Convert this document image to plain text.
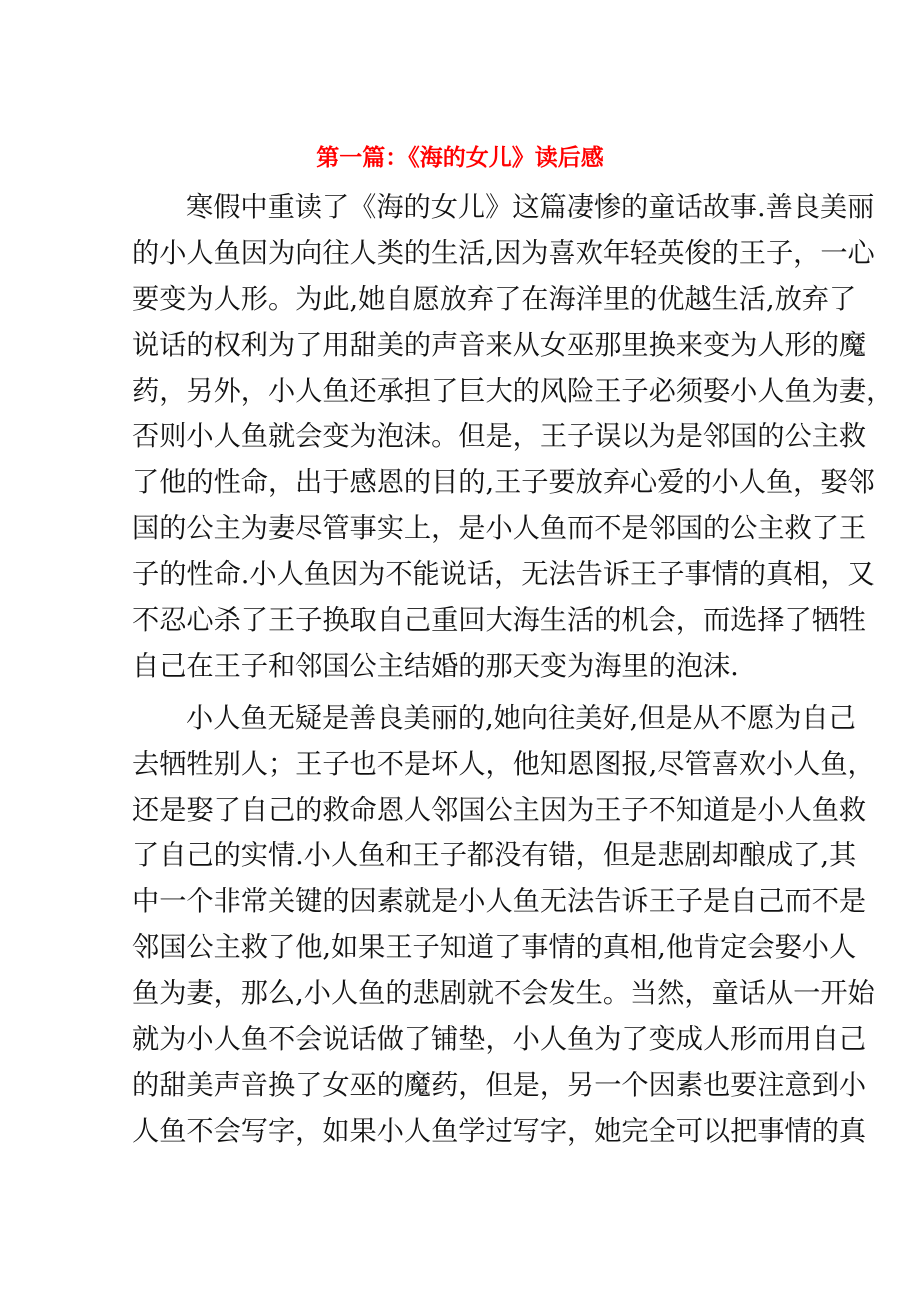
第一篇：《海的女儿》读后感
寒假中重读了《海的女儿》这篇凄惨的童话故事.善良美丽
的小人鱼因为向往人类的生活,因为喜欢年轻英俊的王子，一心
要变为人形。为此,她自愿放弃了在海洋里的优越生活,放弃了
说话的权利为了用甜美的声音来从女巫那里换来变为人形的魔
药，另外，小人鱼还承担了巨大的风险王子必须娶小人鱼为妻，
否则小人鱼就会变为泡沫。但是，王子误以为是邻国的公主救
了他的性命，出于感恩的目的,王子要放弃心爱的小人鱼，娶邻
国的公主为妻尽管事实上，是小人鱼而不是邻国的公主救了王
子的性命.小人鱼因为不能说话，无法告诉王子事情的真相，又
不忍心杀了王子换取自己重回大海生活的机会，而选择了牺牲
自己在王子和邻国公主结婚的那天变为海里的泡沫.
小人鱼无疑是善良美丽的,她向往美好,但是从不愿为自己
去牺牲别人；王子也不是坏人，他知恩图报,尽管喜欢小人鱼，
还是娶了自己的救命恩人邻国公主因为王子不知道是小人鱼救
了自己的实情.小人鱼和王子都没有错，但是悲剧却酿成了,其
中一个非常关键的因素就是小人鱼无法告诉王子是自己而不是
邻国公主救了他,如果王子知道了事情的真相,他肯定会娶小人
鱼为妻，那么,小人鱼的悲剧就不会发生。当然，童话从一开始
就为小人鱼不会说话做了铺垫，小人鱼为了变成人形而用自己
的甜美声音换了女巫的魔药，但是，另一个因素也要注意到小
人鱼不会写字，如果小人鱼学过写字，她完全可以把事情的真
